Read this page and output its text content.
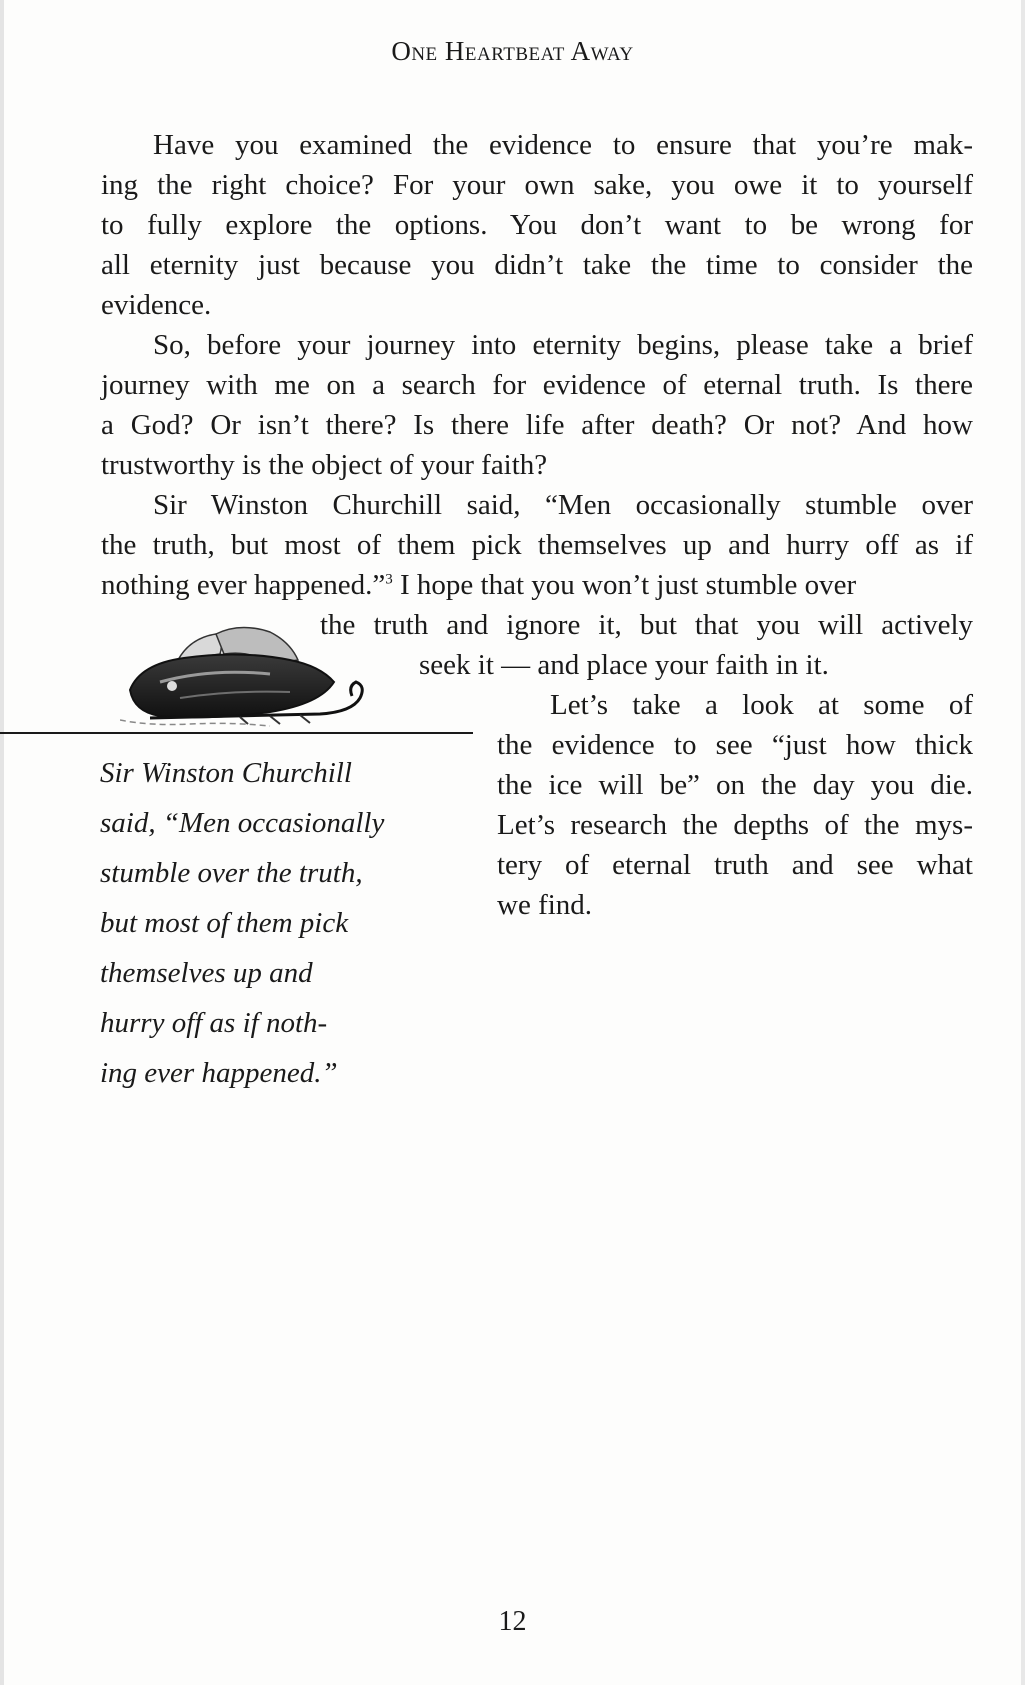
One Heartbeat Away

Have you examined the evidence to ensure that you’re mak-

ing the right choice? For your own sake, you owe it to yourself

to fully explore the options. You don’t want to be wrong for

all eternity just because you didn’t take the time to consider the

evidence.

So, before your journey into eternity begins, please take a brief

journey with me on a search for evidence of eternal truth. Is there

a God? Or isn’t there? Is there life after death? Or not? And how

trustworthy is the object of your faith?

Sir Winston Churchill said, “Men occasionally stumble over

the truth, but most of them pick themselves up and hurry off as if

nothing ever happened.”$^3$ I hope that you won’t just stumble over

the truth and ignore it, but that you will actively

seek it — and place your faith in it.

Let’s take a look at some of

the evidence to see “just how thick

the ice will be” on the day you die.

Let’s research the depths of the mys-

tery of eternal truth and see what

we find.

Sir Winston Churchill
said, “Men occasionally
stumble over the truth,
but most of them pick
themselves up and
hurry off as if noth-
ing ever happened.”
12
